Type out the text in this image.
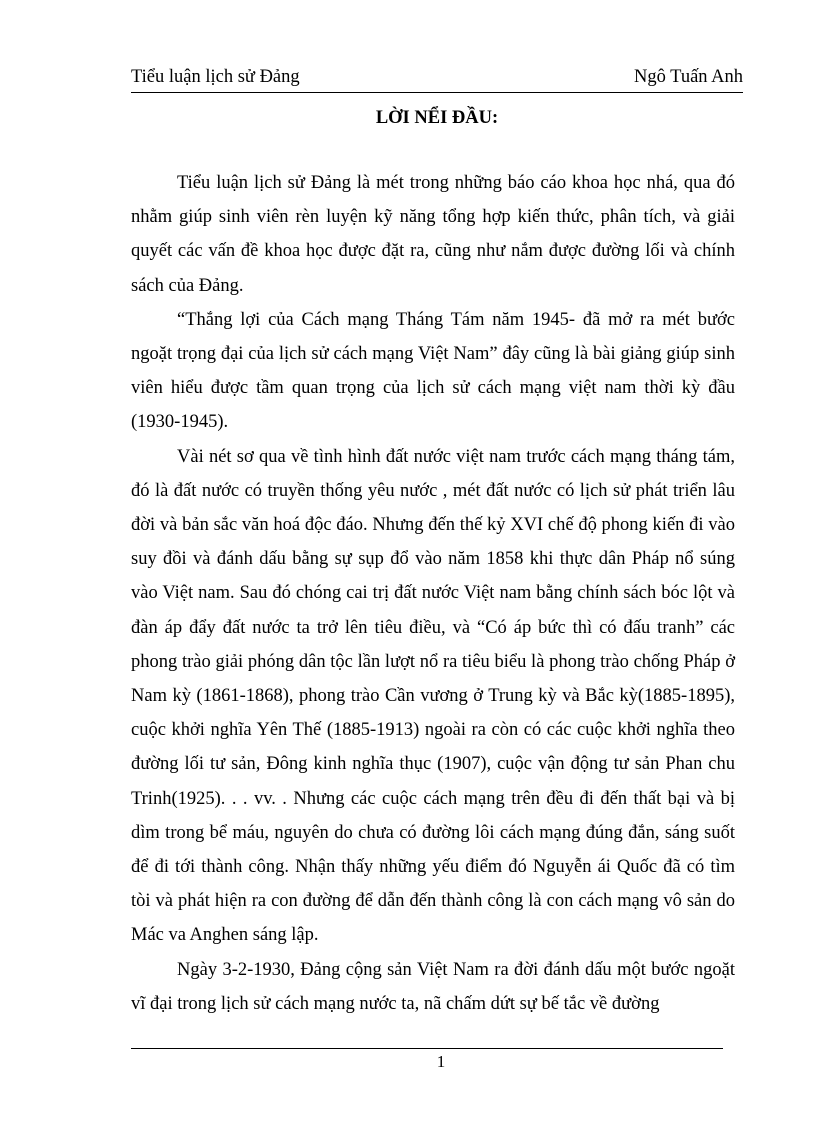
Tiểu luận lịch sử Đảng	Ngô Tuấn Anh
LỜI NỂI ĐẦU:

Tiểu luận lịch sử Đảng là mét trong những báo cáo khoa học nhá, qua đó nhằm giúp sinh viên rèn luyện kỹ năng tổng hợp kiến thức, phân tích, và giải quyết các vấn đề khoa học được đặt ra, cũng như nắm được đường lối và chính sách của Đảng.

“Thắng lợi của Cách mạng Tháng Tám năm 1945- đã mở ra mét bước ngoặt trọng đại của lịch sử cách mạng Việt Nam” đây cũng là bài giảng giúp sinh viên hiểu được tầm quan trọng của lịch sử cách mạng việt nam thời kỳ đầu (1930-1945).

Vài nét sơ qua về tình hình đất nước việt nam trước cách mạng tháng tám, đó là đất nước có truyền thống yêu nước , mét đất nước có lịch sử phát triển lâu đời và bản sắc văn hoá độc đáo. Nhưng đến thế kỷ XVI chế độ phong kiến đi vào suy đồi và đánh dấu bằng sự sụp đổ vào năm 1858 khi thực dân Pháp nổ súng vào Việt nam. Sau đó chóng cai trị đất nước Việt nam bằng chính sách bóc lột và đàn áp đẩy đất nước ta trở lên tiêu điều, và “Có áp bức thì có đấu tranh” các phong trào giải phóng dân tộc lần lượt nổ ra tiêu biểu là phong trào chống Pháp ở Nam kỳ (1861-1868), phong trào Cần vương ở Trung kỳ và Bắc kỳ(1885-1895), cuộc khởi nghĩa Yên Thế (1885-1913) ngoài ra còn có các cuộc khởi nghĩa theo đường lối tư sản, Đông kinh nghĩa thục (1907), cuộc vận động tư sản Phan chu Trinh(1925). . . vv. . Nhưng các cuộc cách mạng trên đều đi đến thất bại và bị dìm trong bể máu, nguyên do chưa có đường lôi cách mạng đúng đắn, sáng suốt để đi tới thành công. Nhận thấy những yếu điểm đó Nguyễn ái Quốc đã có tìm tòi và phát hiện ra con đường để dẫn đến thành công là con cách mạng vô sản do Mác va Anghen sáng lập.

Ngày 3-2-1930, Đảng cộng sản Việt Nam ra đời đánh dấu một bước ngoặt vĩ đại trong lịch sử cách mạng nước ta, nã chấm dứt sự bế tắc về đường

1
